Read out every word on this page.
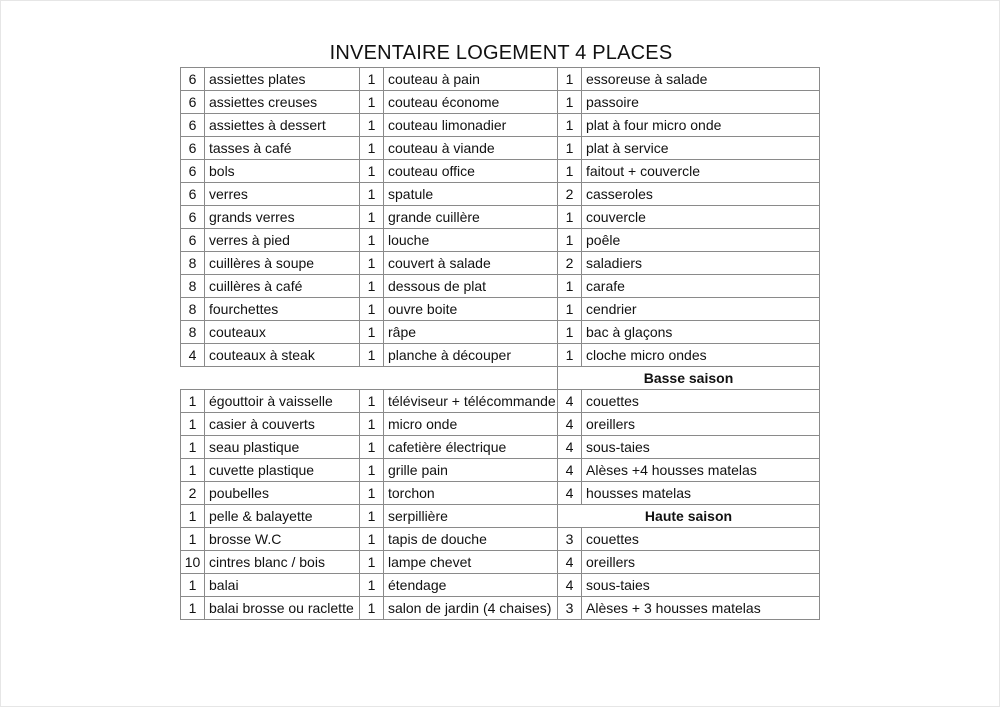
INVENTAIRE LOGEMENT 4 PLACES
6	assiettes plates	1	couteau à pain	1	essoreuse à salade
6	assiettes creuses	1	couteau économe	1	passoire
6	assiettes à dessert	1	couteau limonadier	1	plat à four micro onde
6	tasses à café	1	couteau à viande	1	plat à service
6	bols	1	couteau office	1	faitout + couvercle
6	verres	1	spatule	2	casseroles
6	grands verres	1	grande cuillère	1	couvercle
6	verres à pied	1	louche	1	poêle
8	cuillères à soupe	1	couvert à salade	2	saladiers
8	cuillères à café	1	dessous de plat	1	carafe
8	fourchettes	1	ouvre boite	1	cendrier
8	couteaux	1	râpe	1	bac à glaçons
4	couteaux à steak	1	planche à découper	1	cloche micro ondes
				Basse saison	
1	égouttoir à vaisselle	1	téléviseur + télécommande	4	couettes
1	casier à couverts	1	micro onde	4	oreillers
1	seau plastique	1	cafetière électrique	4	sous-taies
1	cuvette plastique	1	grille pain	4	Alèses +4 housses matelas
2	poubelles	1	torchon	4	housses matelas
1	pelle & balayette	1	serpillière	Haute saison	
1	brosse W.C	1	tapis de douche	3	couettes
10	cintres blanc / bois	1	lampe chevet	4	oreillers
1	balai	1	étendage	4	sous-taies
1	balai brosse ou raclette	1	salon de jardin (4 chaises)	3	Alèses + 3 housses matelas
